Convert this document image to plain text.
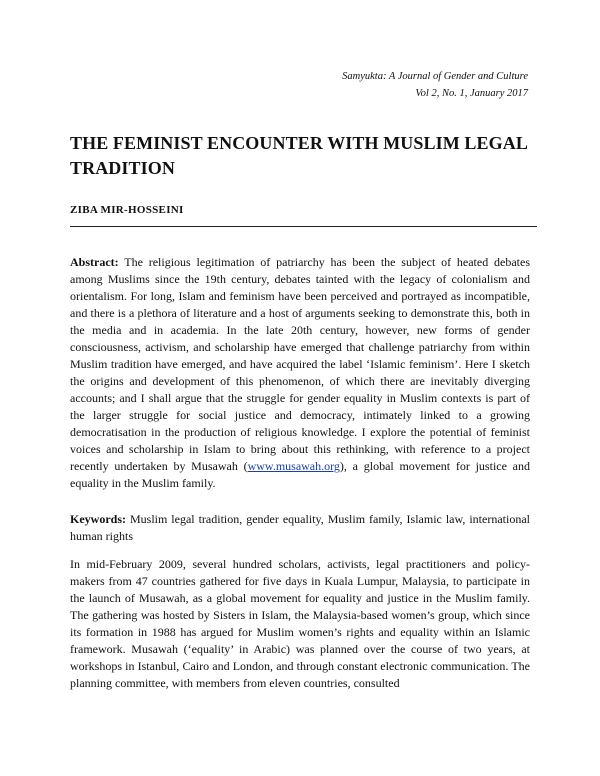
Samyukta: A Journal of Gender and Culture
Vol 2, No. 1, January 2017
THE FEMINIST ENCOUNTER WITH MUSLIM LEGAL TRADITION

ZIBA MIR-HOSSEINI

Abstract: The religious legitimation of patriarchy has been the subject of heated debates among Muslims since the 19th century, debates tainted with the legacy of colonialism and orientalism. For long, Islam and feminism have been perceived and portrayed as incompatible, and there is a plethora of literature and a host of arguments seeking to demonstrate this, both in the media and in academia. In the late 20th century, however, new forms of gender consciousness, activism, and scholarship have emerged that challenge patriarchy from within Muslim tradition have emerged, and have acquired the label ‘Islamic feminism’. Here I sketch the origins and development of this phenomenon, of which there are inevitably diverging accounts; and I shall argue that the struggle for gender equality in Muslim contexts is part of the larger struggle for social justice and democracy, intimately linked to a growing democratisation in the production of religious knowledge. I explore the potential of feminist voices and scholarship in Islam to bring about this rethinking, with reference to a project recently undertaken by Musawah (www.musawah.org), a global movement for justice and equality in the Muslim family.

Keywords: Muslim legal tradition, gender equality, Muslim family, Islamic law, international human rights

In mid-February 2009, several hundred scholars, activists, legal practitioners and policy-makers from 47 countries gathered for five days in Kuala Lumpur, Malaysia, to participate in the launch of Musawah, as a global movement for equality and justice in the Muslim family. The gathering was hosted by Sisters in Islam, the Malaysia-based women’s group, which since its formation in 1988 has argued for Muslim women’s rights and equality within an Islamic framework. Musawah (‘equality’ in Arabic) was planned over the course of two years, at workshops in Istanbul, Cairo and London, and through constant electronic communication. The planning committee, with members from eleven countries, consulted
